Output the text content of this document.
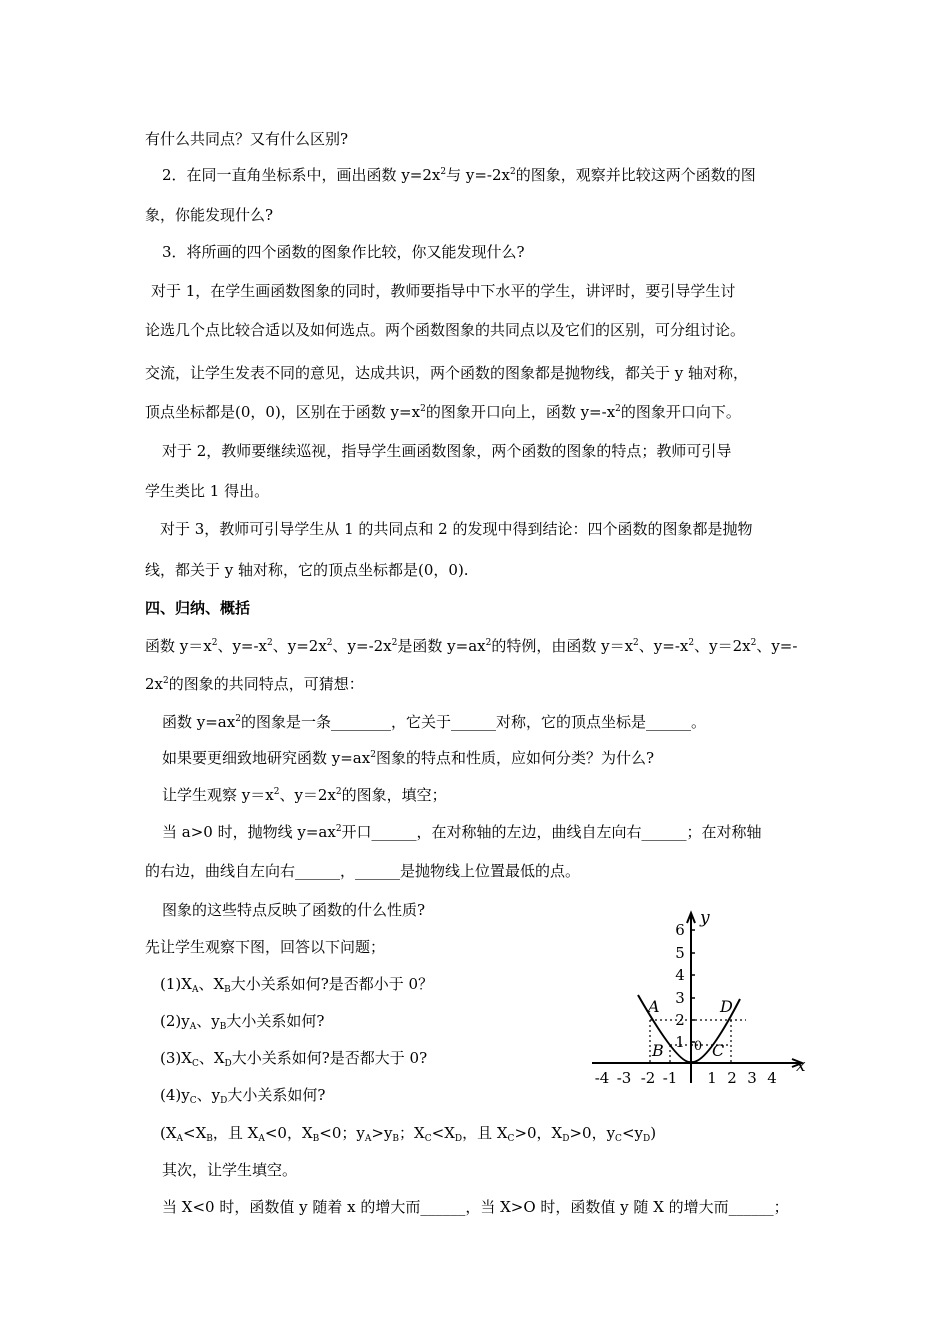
有什么共同点？又有什么区别?
2．在同一直角坐标系中，画出函数 $y=2x^2$与 $y=-2x^2$的图象，观察并比较这两个函数的图
象，你能发现什么?
3．将所画的四个函数的图象作比较，你又能发现什么?
对于 1，在学生画函数图象的同时，教师要指导中下水平的学生，讲评时，要引导学生讨
论选几个点比较合适以及如何选点。两个函数图象的共同点以及它们的区别，可分组讨论。
交流，让学生发表不同的意见，达成共识，两个函数的图象都是抛物线，都关于 y 轴对称，
顶点坐标都是(0，0)，区别在于函数 $y=x^2$的图象开口向上，函数 $y=-x^2$的图象开口向下。
对于 2，教师要继续巡视，指导学生画函数图象，两个函数的图象的特点；教师可引导
学生类比 1 得出。
对于 3，教师可引导学生从 1 的共同点和 2 的发现中得到结论：四个函数的图象都是抛物
线，都关于 y 轴对称，它的顶点坐标都是(0，0).
四、归纳、概括
函数 $y=x^2$、$y=-x^2$、$y=2x^2$、$y=-2x^2$是函数 $y=ax^2$的特例，由函数 $y=x^2$、$y=-x^2$、$y=2x^2$、y=-
$2x^2$的图象的共同特点，可猜想：
函数 $y=ax^2$的图象是一条________，它关于______对称，它的顶点坐标是______。
如果要更细致地研究函数 $y=ax^2$图象的特点和性质，应如何分类？为什么?
让学生观察 $y=x^2$、$y=2x^2$的图象，填空；
当 a>0 时，抛物线 $y=ax^2$开口______，在对称轴的左边，曲线自左向右______；在对称轴
的右边，曲线自左向右______，______是抛物线上位置最低的点。
图象的这些特点反映了函数的什么性质?
先让学生观察下图，回答以下问题；
$(1)X_A$、$X_B$大小关系如何?是否都小于 0？
$(2)y_A$、$y_B$大小关系如何?
$(3)X_C$、$X_D$大小关系如何?是否都大于 0?
$(4)y_C$、$y_D$大小关系如何?
($X_A<X_B$，且 $X_A<0$，$X_B<0$；$y_A>y_B$；$X_C<X_D$，且 $X_C>0$，$X_D>0$，$y_C<y_D$)
其次，让学生填空。
当 X<0 时，函数值 y 随着 x 的增大而______，当 X>O 时，函数值 y 随 X 的增大而______；
6
5
4
3
2
1
-4 -3 -2 -1 1 2 3 4
0
y
x
A
B	C
D
